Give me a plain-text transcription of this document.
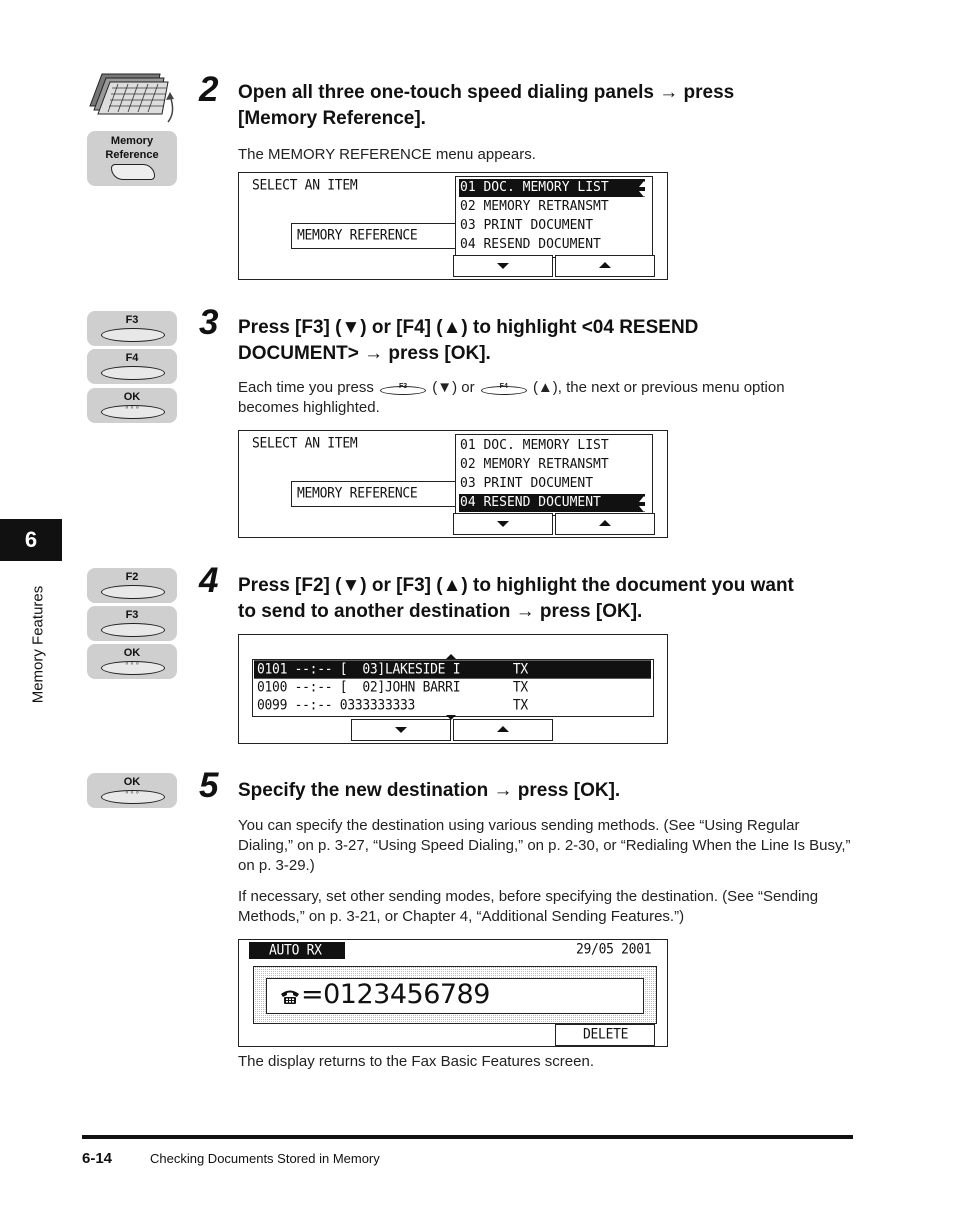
Memory
Reference
2 Open all three one-touch speed dialing panels → press
[Memory Reference].
The MEMORY REFERENCE menu appears.
SELECT AN ITEM
MEMORY REFERENCE
01 DOC. MEMORY LIST
02 MEMORY RETRANSMT
03 PRINT DOCUMENT
04 RESEND DOCUMENT
F3
F4
OK
◦◦◦
3 Press [F3] (▼) or [F4] (▲) to highlight <04 RESEND
DOCUMENT> → press [OK].
Each time you press	F3	(▼) or	F4	(▲), the next or previous menu option
becomes highlighted.
SELECT AN ITEM
MEMORY REFERENCE
01 DOC. MEMORY LIST
02 MEMORY RETRANSMT
03 PRINT DOCUMENT
04 RESEND DOCUMENT
6
Memory Features
F2
F3
OK
◦◦◦
4 Press [F2] (▼) or [F3] (▲) to highlight the document you want
to send to another destination → press [OK].
0101 --:-- [  03]LAKESIDE I       TX
0100 --:-- [  02]JOHN BARRI       TX
0099 --:-- 0333333333             TX
OK
◦◦◦	5 Specify the new destination → press [OK].
You can specify the destination using various sending methods. (See “Using Regular Dialing,” on p. 3-27, “Using Speed Dialing,” on p. 2-30, or “Redialing When the Line Is Busy,” on p. 3-29.)
If necessary, set other sending modes, before specifying the destination. (See “Sending Methods,” on p. 3-21, or Chapter 4, “Additional Sending Features.”)
AUTO RX	29/05 2001
=0123456789
DELETE
The display returns to the Fax Basic Features screen.
6-14	Checking Documents Stored in Memory
